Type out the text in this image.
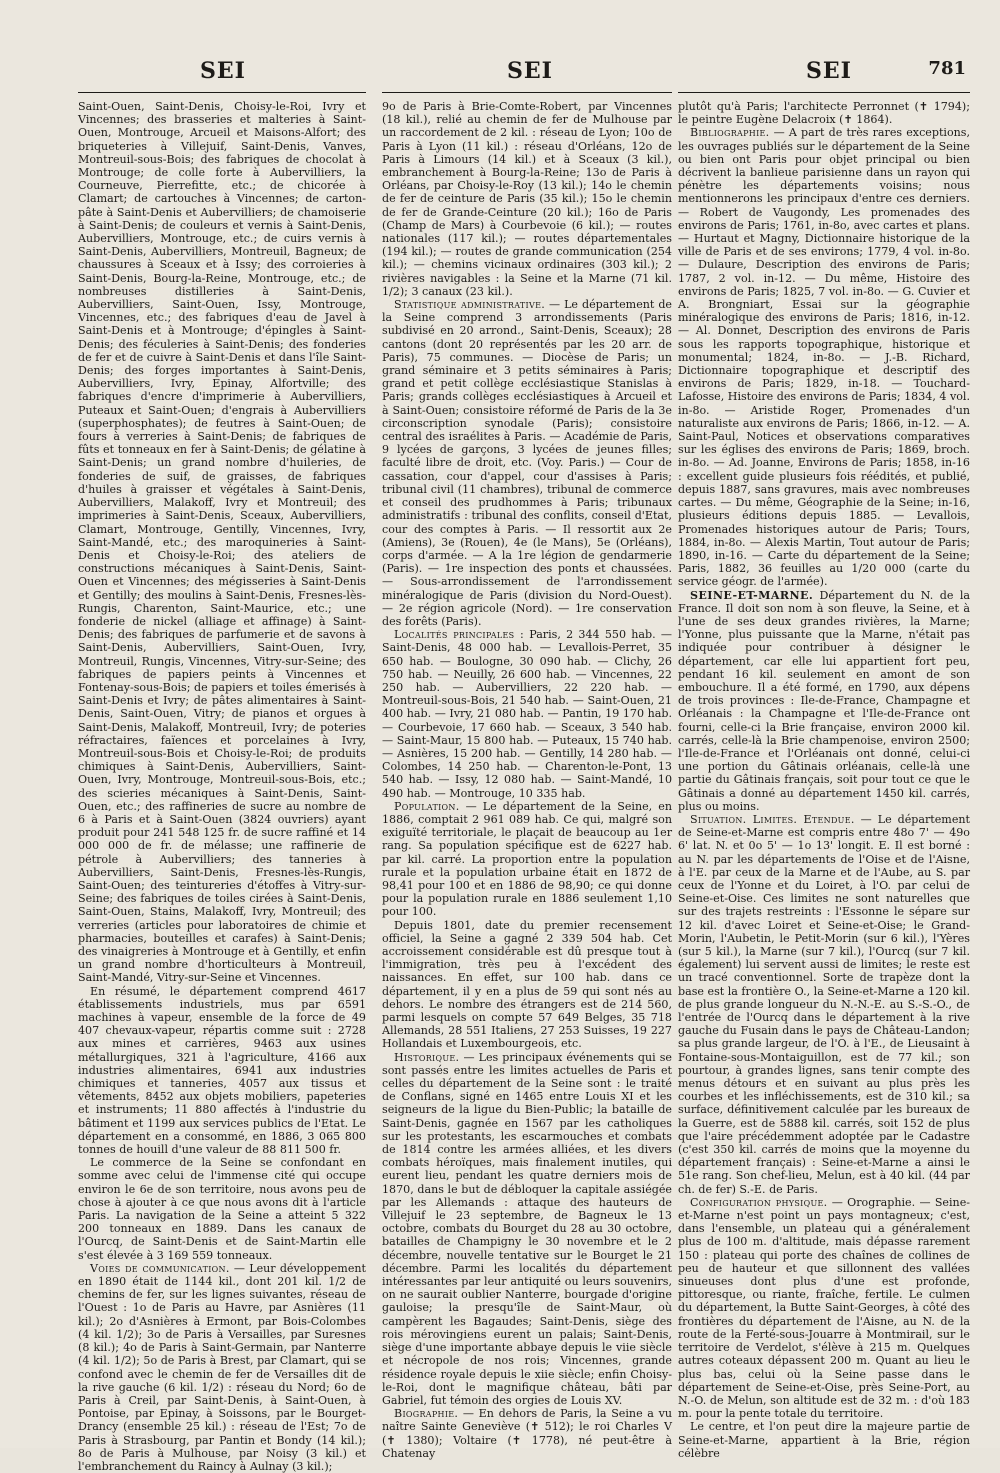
SEI	SEI	SEI	781

Saint-Ouen, Saint-Denis, Choisy-le-Roi, Ivry et Vincennes; des brasseries et malteries à Saint-Ouen, Montrouge, Arcueil et Maisons-Alfort; des briqueteries à Villejuif, Saint-Denis, Vanves, Montreuil-sous-Bois; des fabriques de chocolat à Montrouge; de colle forte à Aubervilliers, la Courneuve, Pierrefitte, etc.; de chicorée à Clamart; de cartouches à Vincennes; de carton-pâte à Saint-Denis et Aubervilliers; de chamoiserie à Saint-Denis; de couleurs et vernis à Saint-Denis, Aubervilliers, Montrouge, etc.; de cuirs vernis à Saint-Denis, Aubervilliers, Montreuil, Bagneux; de chaussures à Sceaux et à Issy; des corroieries à Saint-Denis, Bourg-la-Reine, Montrouge, etc.; de nombreuses distilleries à Saint-Denis, Aubervilliers, Saint-Ouen, Issy, Montrouge, Vincennes, etc.; des fabriques d'eau de Javel à Saint-Denis et à Montrouge; d'épingles à Saint-Denis; des féculeries à Saint-Denis; des fonderies de fer et de cuivre à Saint-Denis et dans l'île Saint-Denis; des forges importantes à Saint-Denis, Aubervilliers, Ivry, Epinay, Alfortville; des fabriques d'encre d'imprimerie à Aubervilliers, Puteaux et Saint-Ouen; d'engrais à Aubervilliers (superphosphates); de feutres à Saint-Ouen; de fours à verreries à Saint-Denis; de fabriques de fûts et tonneaux en fer à Saint-Denis; de gélatine à Saint-Denis; un grand nombre d'huileries, de fonderies de suif, de graisses, de fabriques d'huiles à graisser et végétales à Saint-Denis, Aubervilliers, Malakoff, Ivry et Montreuil; des imprimeries à Saint-Denis, Sceaux, Aubervilliers, Clamart, Montrouge, Gentilly, Vincennes, Ivry, Saint-Mandé, etc.; des maroquineries à Saint-Denis et Choisy-le-Roi; des ateliers de constructions mécaniques à Saint-Denis, Saint-Ouen et Vincennes; des mégisseries à Saint-Denis et Gentilly; des moulins à Saint-Denis, Fresnes-lès-Rungis, Charenton, Saint-Maurice, etc.; une fonderie de nickel (alliage et affinage) à Saint-Denis; des fabriques de parfumerie et de savons à Saint-Denis, Aubervilliers, Saint-Ouen, Ivry, Montreuil, Rungis, Vincennes, Vitry-sur-Seine; des fabriques de papiers peints à Vincennes et Fontenay-sous-Bois; de papiers et toiles émerisés à Saint-Denis et Ivry; de pâtes alimentaires à Saint-Denis, Saint-Ouen, Vitry; de pianos et orgues à Saint-Denis, Malakoff, Montreuil, Ivry; de poteries réfractaires, faïences et porcelaines à Ivry, Montreuil-sous-Bois et Choisy-le-Roi; de produits chimiques à Saint-Denis, Aubervilliers, Saint-Ouen, Ivry, Montrouge, Montreuil-sous-Bois, etc.; des scieries mécaniques à Saint-Denis, Saint-Ouen, etc.; des raffineries de sucre au nombre de 6 à Paris et à Saint-Ouen (3824 ouvriers) ayant produit pour 241 548 125 fr. de sucre raffiné et 14 000 000 de fr. de mélasse; une raffinerie de pétrole à Aubervilliers; des tanneries à Aubervilliers, Saint-Denis, Fresnes-lès-Rungis, Saint-Ouen; des teintureries d'étoffes à Vitry-sur-Seine; des fabriques de toiles cirées à Saint-Denis, Saint-Ouen, Stains, Malakoff, Ivry, Montreuil; des verreries (articles pour laboratoires de chimie et pharmacies, bouteilles et carafes) à Saint-Denis; des vinaigreries à Montrouge et à Gentilly, et enfin un grand nombre d'horticulteurs à Montreuil, Saint-Mandé, Vitry-sur-Seine et Vincennes.

En résumé, le département comprend 4617 établissements industriels, mus par 6591 machines à vapeur, ensemble de la force de 49 407 chevaux-vapeur, répartis comme suit : 2728 aux mines et carrières, 9463 aux usines métallurgiques, 321 à l'agriculture, 4166 aux industries alimentaires, 6941 aux industries chimiques et tanneries, 4057 aux tissus et vêtements, 8452 aux objets mobiliers, papeteries et instruments; 11 880 affectés à l'industrie du bâtiment et 1199 aux services publics de l'Etat. Le département en a consommé, en 1886, 3 065 800 tonnes de houill d'une valeur de 88 811 500 fr.

Le commerce de la Seine se confondant en somme avec celui de l'immense cité qui occupe environ le 6e de son territoire, nous avons peu de chose à ajouter à ce que nous avons dit à l'article Paris. La navigation de la Seine a atteint 5 322 200 tonneaux en 1889. Dans les canaux de l'Ourcq, de Saint-Denis et de Saint-Martin elle s'est élevée à 3 169 559 tonneaux.

Voies de communication. — Leur développement en 1890 était de 1144 kil., dont 201 kil. 1/2 de chemins de fer, sur les lignes suivantes, réseau de l'Ouest : 1o de Paris au Havre, par Asnières (11 kil.); 2o d'Asnières à Ermont, par Bois-Colombes (4 kil. 1/2); 3o de Paris à Versailles, par Suresnes (8 kil.); 4o de Paris à Saint-Germain, par Nanterre (4 kil. 1/2); 5o de Paris à Brest, par Clamart, qui se confond avec le chemin de fer de Versailles dit de la rive gauche (6 kil. 1/2) : réseau du Nord; 6o de Paris à Creil, par Saint-Denis, à Saint-Ouen, à Pontoise, par Epinay, à Soissons, par le Bourget-Drancy (ensemble 25 kil.) : réseau de l'Est; 7o de Paris à Strasbourg, par Pantin et Bondy (14 kil.); 8o de Paris à Mulhouse, par Noisy (3 kil.) et l'embranchement du Raincy à Aulnay (3 kil.);

9o de Paris à Brie-Comte-Robert, par Vincennes (18 kil.), relié au chemin de fer de Mulhouse par un raccordement de 2 kil. : réseau de Lyon; 10o de Paris à Lyon (11 kil.) : réseau d'Orléans, 12o de Paris à Limours (14 kil.) et à Sceaux (3 kil.), embranchement à Bourg-la-Reine; 13o de Paris à Orléans, par Choisy-le-Roy (13 kil.); 14o le chemin de fer de ceinture de Paris (35 kil.); 15o le chemin de fer de Grande-Ceinture (20 kil.); 16o de Paris (Champ de Mars) à Courbevoie (6 kil.); — routes nationales (117 kil.); — routes départementales (194 kil.); — routes de grande communication (254 kil.); — chemins vicinaux ordinaires (303 kil.); 2 rivières navigables : la Seine et la Marne (71 kil. 1/2); 3 canaux (23 kil.).

Statistique administrative. — Le département de la Seine comprend 3 arrondissements (Paris subdivisé en 20 arrond., Saint-Denis, Sceaux); 28 cantons (dont 20 représentés par les 20 arr. de Paris), 75 communes. — Diocèse de Paris; un grand séminaire et 3 petits séminaires à Paris; grand et petit collège ecclésiastique Stanislas à Paris; grands collèges ecclésiastiques à Arcueil et à Saint-Ouen; consistoire réformé de Paris de la 3e circonscription synodale (Paris); consistoire central des israélites à Paris. — Académie de Paris, 9 lycées de garçons, 3 lycées de jeunes filles; faculté libre de droit, etc. (Voy. Paris.) — Cour de cassation, cour d'appel, cour d'assises à Paris; tribunal civil (11 chambres), tribunal de commerce et conseil des prudhommes à Paris; tribunaux administratifs : tribunal des conflits, conseil d'Etat, cour des comptes à Paris. — Il ressortit aux 2e (Amiens), 3e (Rouen), 4e (le Mans), 5e (Orléans), corps d'armée. — A la 1re légion de gendarmerie (Paris). — 1re inspection des ponts et chaussées. — Sous-arrondissement de l'arrondissement minéralogique de Paris (division du Nord-Ouest). — 2e région agricole (Nord). — 1re conservation des forêts (Paris).

Localités principales : Paris, 2 344 550 hab. — Saint-Denis, 48 000 hab. — Levallois-Perret, 35 650 hab. — Boulogne, 30 090 hab. — Clichy, 26 750 hab. — Neuilly, 26 600 hab. — Vincennes, 22 250 hab. — Aubervilliers, 22 220 hab. — Montreuil-sous-Bois, 21 540 hab. — Saint-Ouen, 21 400 hab. — Ivry, 21 080 hab. — Pantin, 19 170 hab. — Courbevoie, 17 660 hab. — Sceaux, 3 540 hab. — Saint-Maur, 15 800 hab. — Puteaux, 15 740 hab. — Asnières, 15 200 hab. — Gentilly, 14 280 hab. — Colombes, 14 250 hab. — Charenton-le-Pont, 13 540 hab. — Issy, 12 080 hab. — Saint-Mandé, 10 490 hab. — Montrouge, 10 335 hab.

Population. — Le département de la Seine, en 1886, comptait 2 961 089 hab. Ce qui, malgré son exiguïté territoriale, le plaçait de beaucoup au 1er rang. Sa population spécifique est de 6227 hab. par kil. carré. La proportion entre la population rurale et la population urbaine était en 1872 de 98,41 pour 100 et en 1886 de 98,90; ce qui donne pour la population rurale en 1886 seulement 1,10 pour 100.

Depuis 1801, date du premier recensement officiel, la Seine a gagné 2 339 504 hab. Cet accroissement considérable est dû presque tout à l'immigration, très peu à l'excédent des naissances. En effet, sur 100 hab. dans ce département, il y en a plus de 59 qui sont nés au dehors. Le nombre des étrangers est de 214 560, parmi lesquels on compte 57 649 Belges, 35 718 Allemands, 28 551 Italiens, 27 253 Suisses, 19 227 Hollandais et Luxembourgeois, etc.

Historique. — Les principaux événements qui se sont passés entre les limites actuelles de Paris et celles du département de la Seine sont : le traité de Conflans, signé en 1465 entre Louis XI et les seigneurs de la ligue du Bien-Public; la bataille de Saint-Denis, gagnée en 1567 par les catholiques sur les protestants, les escarmouches et combats de 1814 contre les armées alliées, et les divers combats héroïques, mais finalement inutiles, qui eurent lieu, pendant les quatre derniers mois de 1870, dans le but de débloquer la capitale assiégée par les Allemands : attaque des hauteurs de Villejuif le 23 septembre, de Bagneux le 13 octobre, combats du Bourget du 28 au 30 octobre, batailles de Champigny le 30 novembre et le 2 décembre, nouvelle tentative sur le Bourget le 21 décembre. Parmi les localités du département intéressantes par leur antiquité ou leurs souvenirs, on ne saurait oublier Nanterre, bourgade d'origine gauloise; la presqu'île de Saint-Maur, où campèrent les Bagaudes; Saint-Denis, siège des rois mérovingiens eurent un palais; Saint-Denis, siège d'une importante abbaye depuis le viie siècle et nécropole de nos rois; Vincennes, grande résidence royale depuis le xiie siècle; enfin Choisy-le-Roi, dont le magnifique château, bâti par Gabriel, fut témoin des orgies de Louis XV.

Biographie. — En dehors de Paris, la Seine a vu naître Sainte Geneviève (✝ 512); le roi Charles V (✝ 1380); Voltaire (✝ 1778), né peut-être à Chatenay

plutôt qu'à Paris; l'architecte Perronnet (✝ 1794); le peintre Eugène Delacroix (✝ 1864).

Bibliographie. — A part de très rares exceptions, les ouvrages publiés sur le département de la Seine ou bien ont Paris pour objet principal ou bien décrivent la banlieue parisienne dans un rayon qui pénètre les départements voisins; nous mentionnerons les principaux d'entre ces derniers. — Robert de Vaugondy, Les promenades des environs de Paris; 1761, in-8o, avec cartes et plans. — Hurtaut et Magny, Dictionnaire historique de la ville de Paris et de ses environs; 1779, 4 vol. in-8o. — Dulaure, Description des environs de Paris; 1787, 2 vol. in-12. — Du même, Histoire des environs de Paris; 1825, 7 vol. in-8o. — G. Cuvier et A. Brongniart, Essai sur la géographie minéralogique des environs de Paris; 1816, in-12. — Al. Donnet, Description des environs de Paris sous les rapports topographique, historique et monumental; 1824, in-8o. — J.-B. Richard, Dictionnaire topographique et descriptif des environs de Paris; 1829, in-18. — Touchard-Lafosse, Histoire des environs de Paris; 1834, 4 vol. in-8o. — Aristide Roger, Promenades d'un naturaliste aux environs de Paris; 1866, in-12. — A. Saint-Paul, Notices et observations comparatives sur les églises des environs de Paris; 1869, broch. in-8o. — Ad. Joanne, Environs de Paris; 1858, in-16 : excellent guide plusieurs fois réédités, et publié, depuis 1887, sans gravures, mais avec nombreuses cartes. — Du même, Géographie de la Seine; in-16, plusieurs éditions depuis 1885. — Levallois, Promenades historiques autour de Paris; Tours, 1884, in-8o. — Alexis Martin, Tout autour de Paris; 1890, in-16. — Carte du département de la Seine; Paris, 1882, 36 feuilles au 1/20 000 (carte du service géogr. de l'armée).

SEINE-ET-MARNE. Département du N. de la France. Il doit son nom à son fleuve, la Seine, et à l'une de ses deux grandes rivières, la Marne; l'Yonne, plus puissante que la Marne, n'était pas indiquée pour contribuer à désigner le département, car elle lui appartient fort peu, pendant 16 kil. seulement en amont de son embouchure. Il a été formé, en 1790, aux dépens de trois provinces : Ile-de-France, Champagne et Orléanais : la Champagne et l'Ile-de-France ont fourni, celle-ci la Brie française, environ 2000 kil. carrés, celle-là la Brie champenoise, environ 2500; l'Ile-de-France et l'Orléanais ont donné, celui-ci une portion du Gâtinais orléanais, celle-là une partie du Gâtinais français, soit pour tout ce que le Gâtinais a donné au département 1450 kil. carrés, plus ou moins.

Situation. Limites. Etendue. — Le département de Seine-et-Marne est compris entre 48o 7' — 49o 6' lat. N. et 0o 5' — 1o 13' longit. E. Il est borné : au N. par les départements de l'Oise et de l'Aisne, à l'E. par ceux de la Marne et de l'Aube, au S. par ceux de l'Yonne et du Loiret, à l'O. par celui de Seine-et-Oise. Ces limites ne sont naturelles que sur des trajets restreints : l'Essonne le sépare sur 12 kil. d'avec Loiret et Seine-et-Oise; le Grand-Morin, l'Aubetin, le Petit-Morin (sur 6 kil.), l'Yères (sur 5 kil.), la Marne (sur 7 kil.), l'Ourcq (sur 7 kil. également) lui servent aussi de limites; le reste est un tracé conventionnel. Sorte de trapèze dont la base est la frontière O., la Seine-et-Marne a 120 kil. de plus grande longueur du N.-N.-E. au S.-S.-O., de l'entrée de l'Ourcq dans le département à la rive gauche du Fusain dans le pays de Château-Landon; sa plus grande largeur, de l'O. à l'E., de Lieusaint à Fontaine-sous-Montaiguillon, est de 77 kil.; son pourtour, à grandes lignes, sans tenir compte des menus détours et en suivant au plus près les courbes et les infléchissements, est de 310 kil.; sa surface, définitivement calculée par les bureaux de la Guerre, est de 5888 kil. carrés, soit 152 de plus que l'aire précédemment adoptée par le Cadastre (c'est 350 kil. carrés de moins que la moyenne du département français) : Seine-et-Marne a ainsi le 51e rang. Son chef-lieu, Melun, est à 40 kil. (44 par ch. de fer) S.-E. de Paris.

Configuration physique. — Orographie. — Seine-et-Marne n'est point un pays montagneux; c'est, dans l'ensemble, un plateau qui a généralement plus de 100 m. d'altitude, mais dépasse rarement 150 : plateau qui porte des chaînes de collines de peu de hauteur et que sillonnent des vallées sinueuses dont plus d'une est profonde, pittoresque, ou riante, fraîche, fertile. Le culmen du département, la Butte Saint-Georges, à côté des frontières du département de l'Aisne, au N. de la route de la Ferté-sous-Jouarre à Montmirail, sur le territoire de Verdelot, s'élève à 215 m. Quelques autres coteaux dépassent 200 m. Quant au lieu le plus bas, celui où la Seine passe dans le département de Seine-et-Oise, près Seine-Port, au N.-O. de Melun, son altitude est de 32 m. : d'où 183 m. pour la pente totale du territoire.

Le centre, et l'on peut dire la majeure partie de Seine-et-Marne, appartient à la Brie, région célèbre
